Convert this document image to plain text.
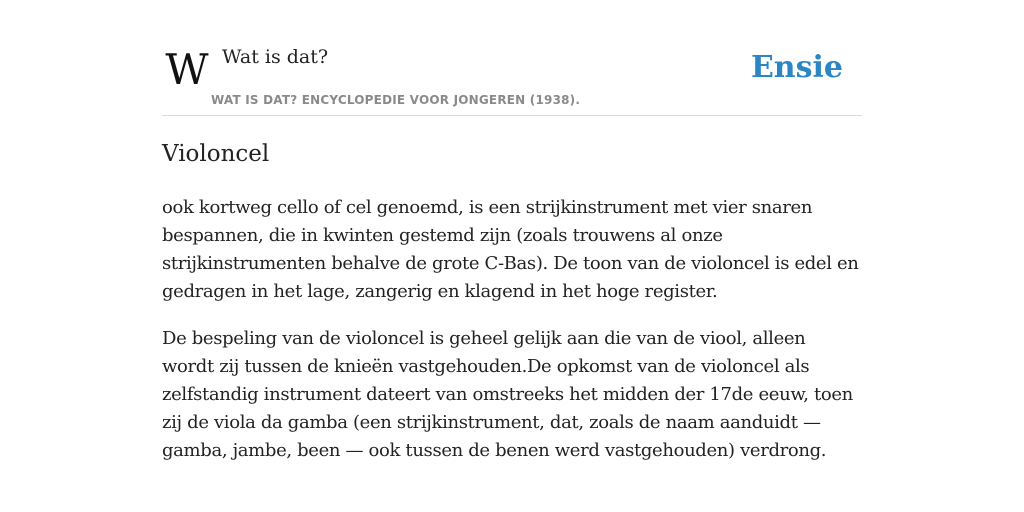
W Wat is dat?
WAT IS DAT? ENCYCLOPEDIE VOOR JONGEREN (1938).
Ensie
Violoncel

ook kortweg cello of cel genoemd, is een strijkinstrument met vier snaren bespannen, die in kwinten gestemd zijn (zoals trouwens al onze strijkinstrumenten behalve de grote C-Bas). De toon van de violoncel is edel en gedragen in het lage, zangerig en klagend in het hoge register.

De bespeling van de violoncel is geheel gelijk aan die van de viool, alleen wordt zij tussen de knieën vastgehouden.De opkomst van de violoncel als zelfstandig instrument dateert van omstreeks het midden der 17de eeuw, toen zij de viola da gamba (een strijkinstrument, dat, zoals de naam aanduidt — gamba, jambe, been — ook tussen de benen werd vastgehouden) verdrong.
